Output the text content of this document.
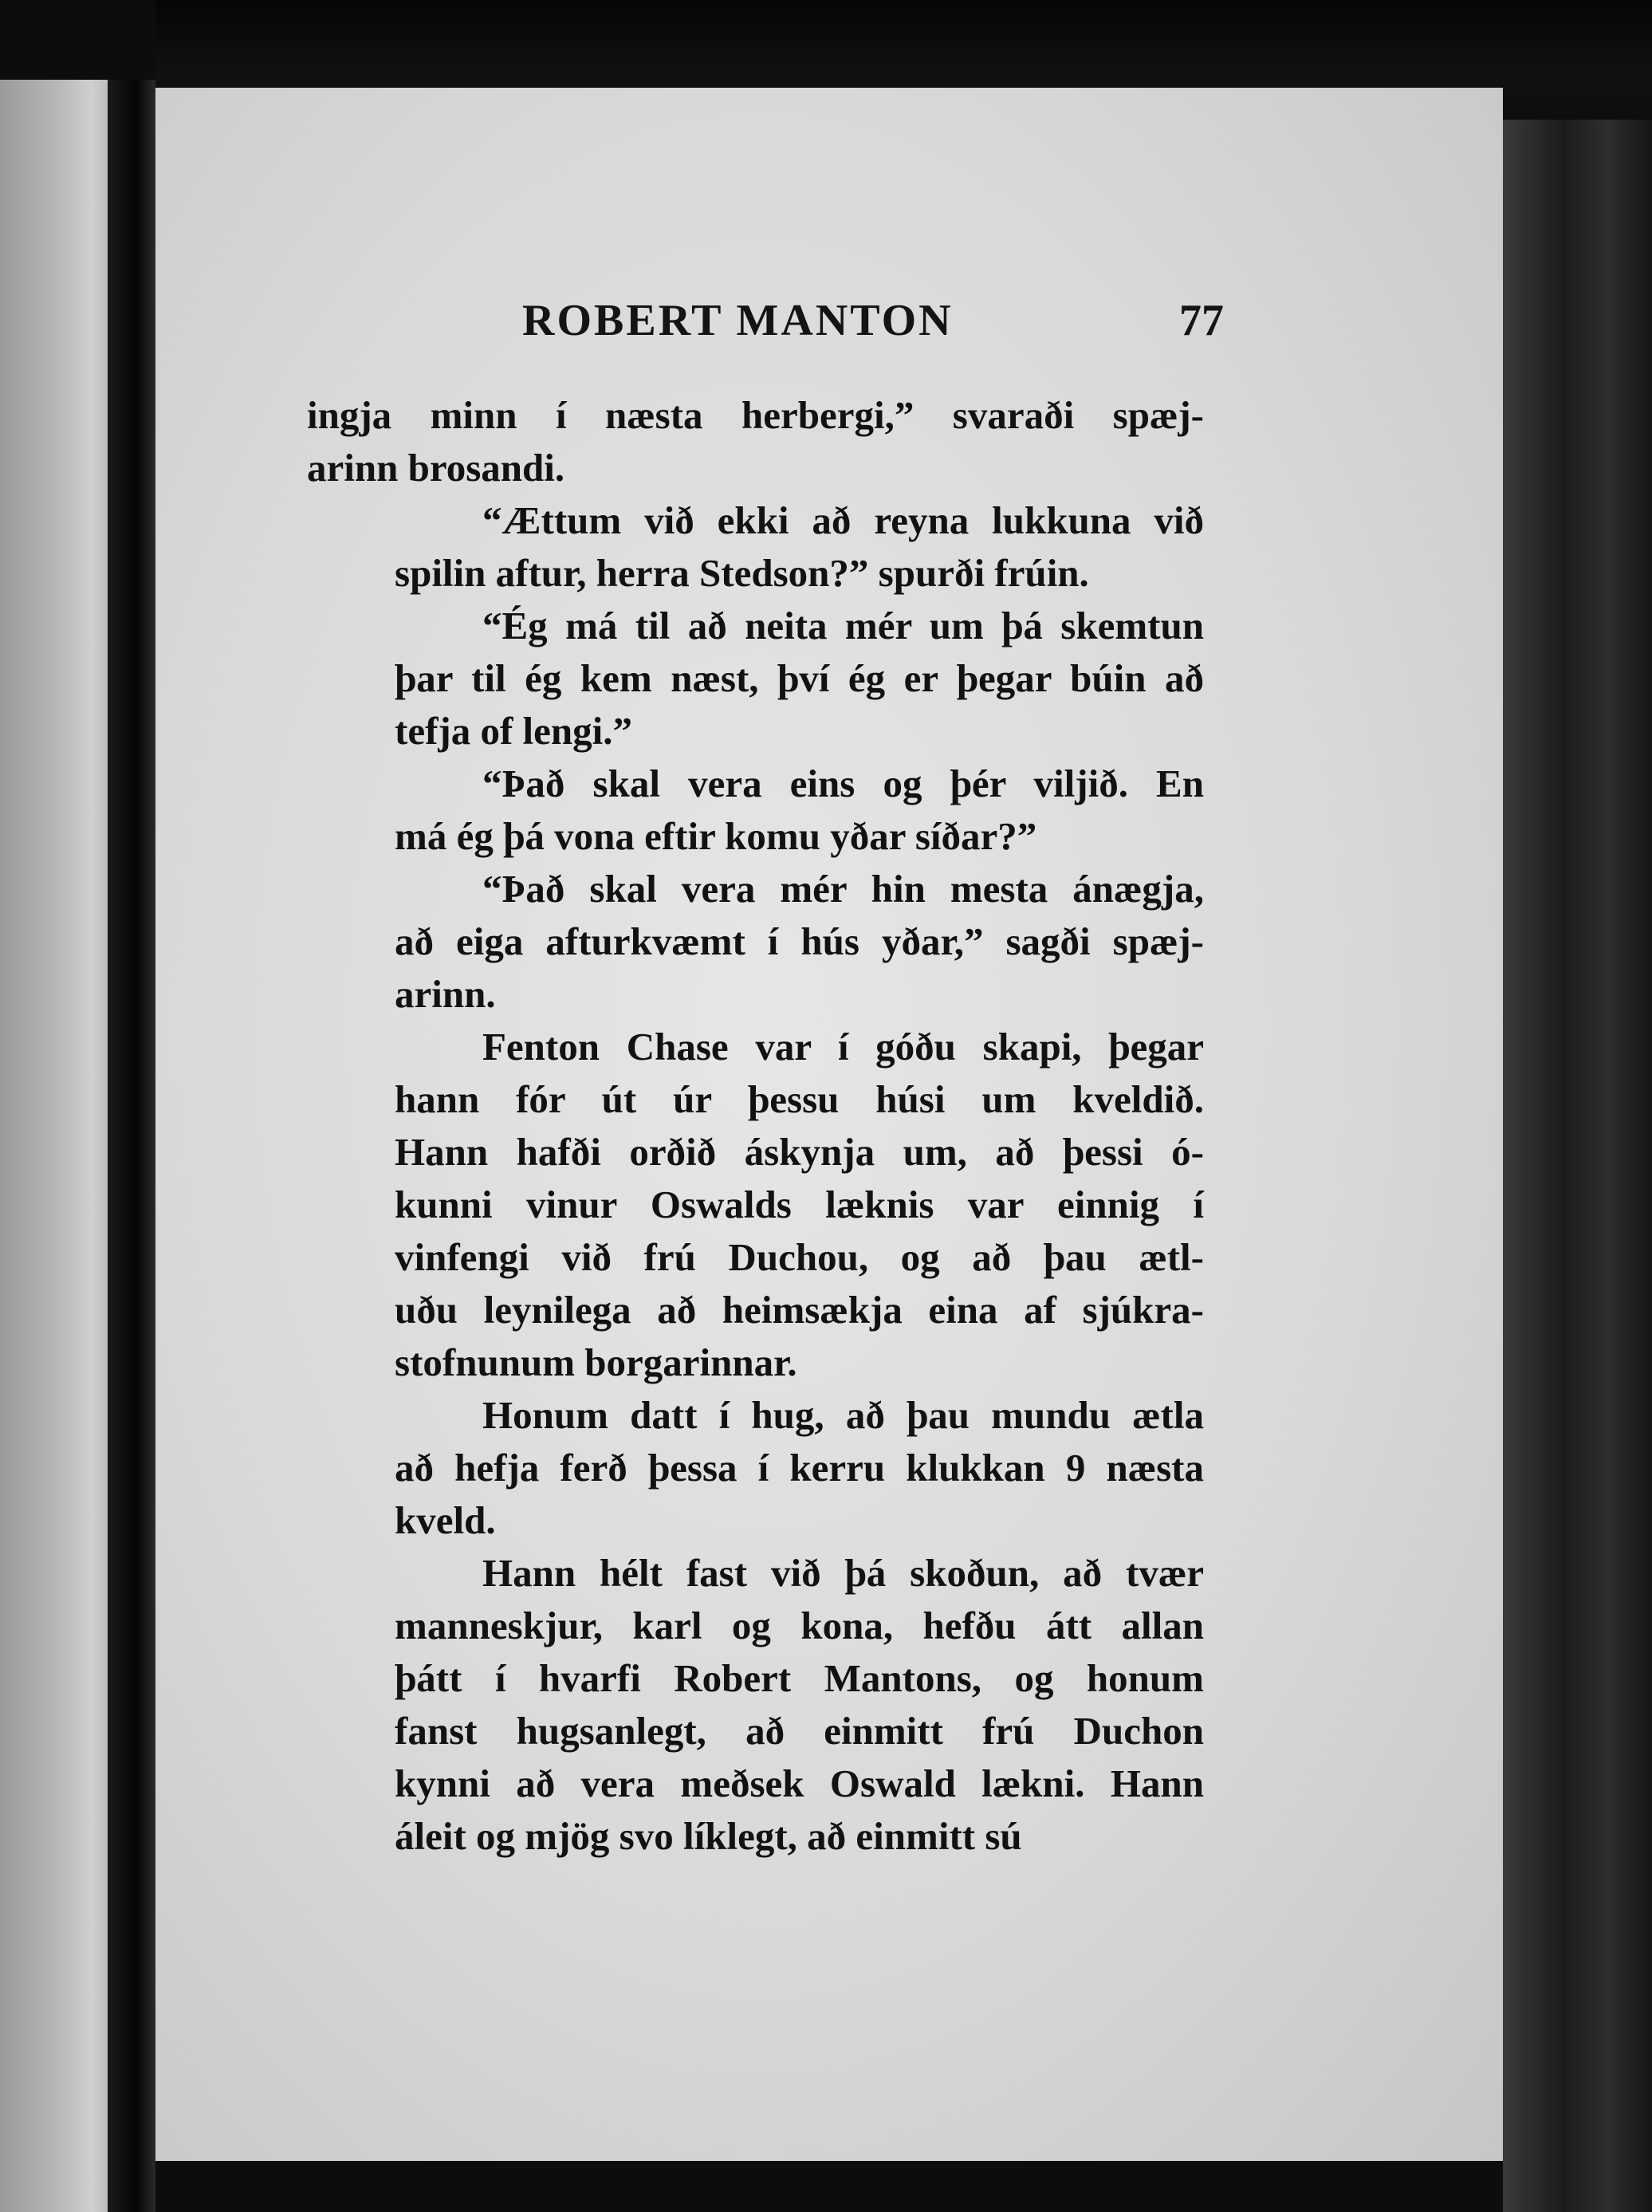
ROBERT MANTON	77
ingja minn í næsta herbergi,” svaraði spæj-
arinn brosandi.
“Ættum við ekki að reyna lukkuna við
spilin aftur, herra Stedson?” spurði frúin.
“Ég má til að neita mér um þá skemtun
þar til ég kem næst, því ég er þegar búin að
tefja of lengi.”
“Það skal vera eins og þér viljið. En
má ég þá vona eftir komu yðar síðar?”
“Það skal vera mér hin mesta ánægja,
að eiga afturkvæmt í hús yðar,” sagði spæj-
arinn.
Fenton Chase var í góðu skapi, þegar
hann fór út úr þessu húsi um kveldið.
Hann hafði orðið áskynja um, að þessi ó-
kunni vinur Oswalds læknis var einnig í
vinfengi við frú Duchou, og að þau ætl-
uðu leynilega að heimsækja eina af sjúkra-
stofnunum borgarinnar.
Honum datt í hug, að þau mundu ætla
að hefja ferð þessa í kerru klukkan 9 næsta
kveld.
Hann hélt fast við þá skoðun, að tvær
manneskjur, karl og kona, hefðu átt allan
þátt í hvarfi Robert Mantons, og honum
fanst hugsanlegt, að einmitt frú Duchon
kynni að vera meðsek Oswald lækni. Hann
áleit og mjög svo líklegt, að einmitt sú
